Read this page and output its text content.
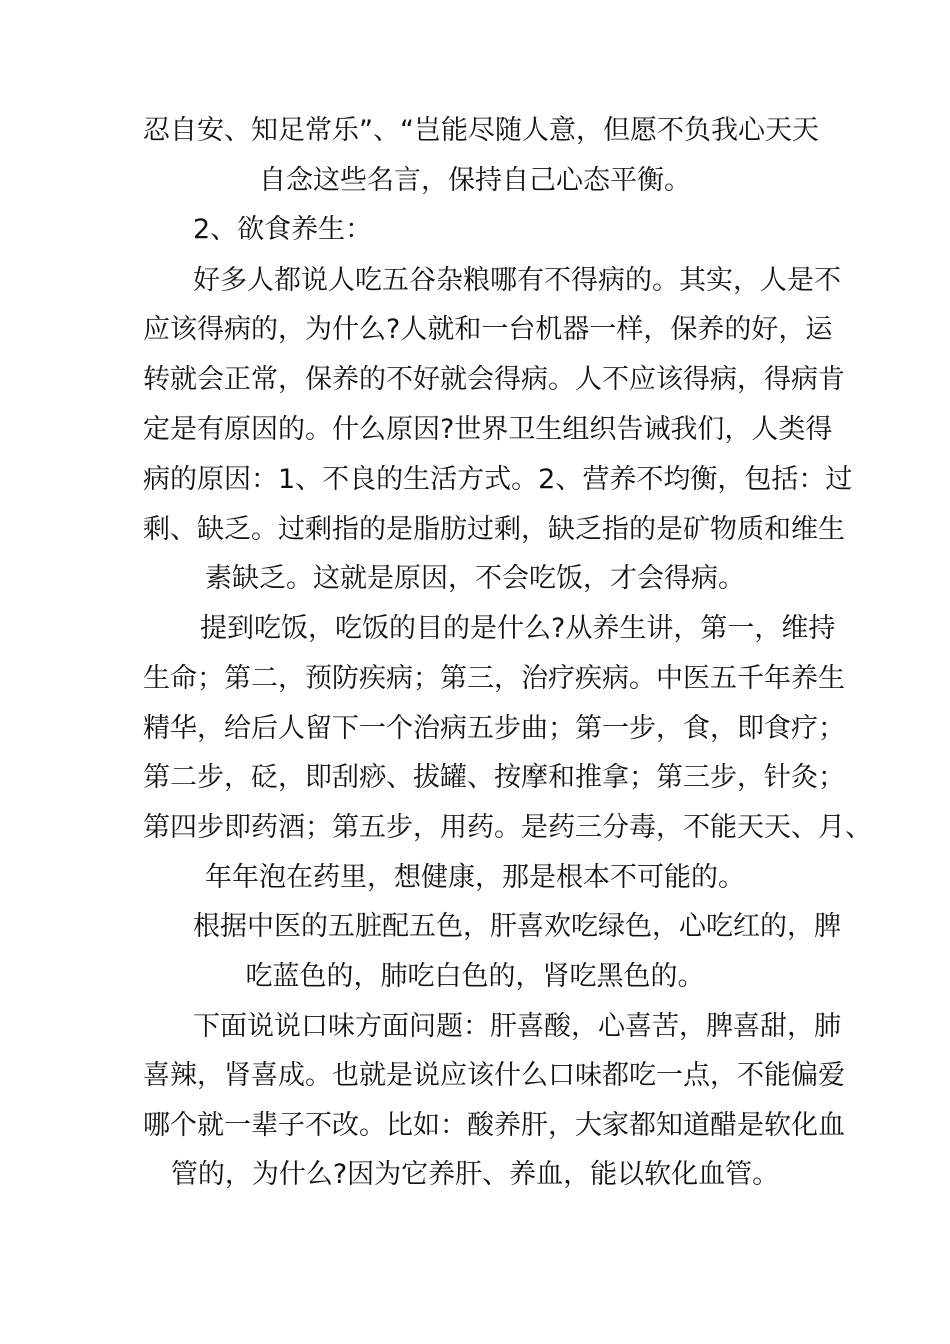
忍自安、知足常乐”、“岂能尽随人意，但愿不负我心天天
自念这些名言，保持自己心态平衡。
2、欲食养生：
好多人都说人吃五谷杂粮哪有不得病的。其实，人是不
应该得病的，为什么?人就和一台机器一样，保养的好，运
转就会正常，保养的不好就会得病。人不应该得病，得病肯
定是有原因的。什么原因?世界卫生组织告诫我们，人类得
病的原因：1、不良的生活方式。2、营养不均衡，包括：过
剩、缺乏。过剩指的是脂肪过剩，缺乏指的是矿物质和维生
素缺乏。这就是原因，不会吃饭，才会得病。
提到吃饭，吃饭的目的是什么?从养生讲，第一，维持
生命；第二，预防疾病；第三，治疗疾病。中医五千年养生
精华，给后人留下一个治病五步曲；第一步，食，即食疗；
第二步，砭，即刮痧、拔罐、按摩和推拿；第三步，针灸；
第四步即药酒；第五步，用药。是药三分毒，不能天天、月、
年年泡在药里，想健康，那是根本不可能的。
根据中医的五脏配五色，肝喜欢吃绿色，心吃红的，脾
吃蓝色的，肺吃白色的，肾吃黑色的。
下面说说口味方面问题：肝喜酸，心喜苦，脾喜甜，肺
喜辣，肾喜成。也就是说应该什么口味都吃一点，不能偏爱
哪个就一辈子不改。比如：酸养肝，大家都知道醋是软化血
管的，为什么?因为它养肝、养血，能以软化血管。
